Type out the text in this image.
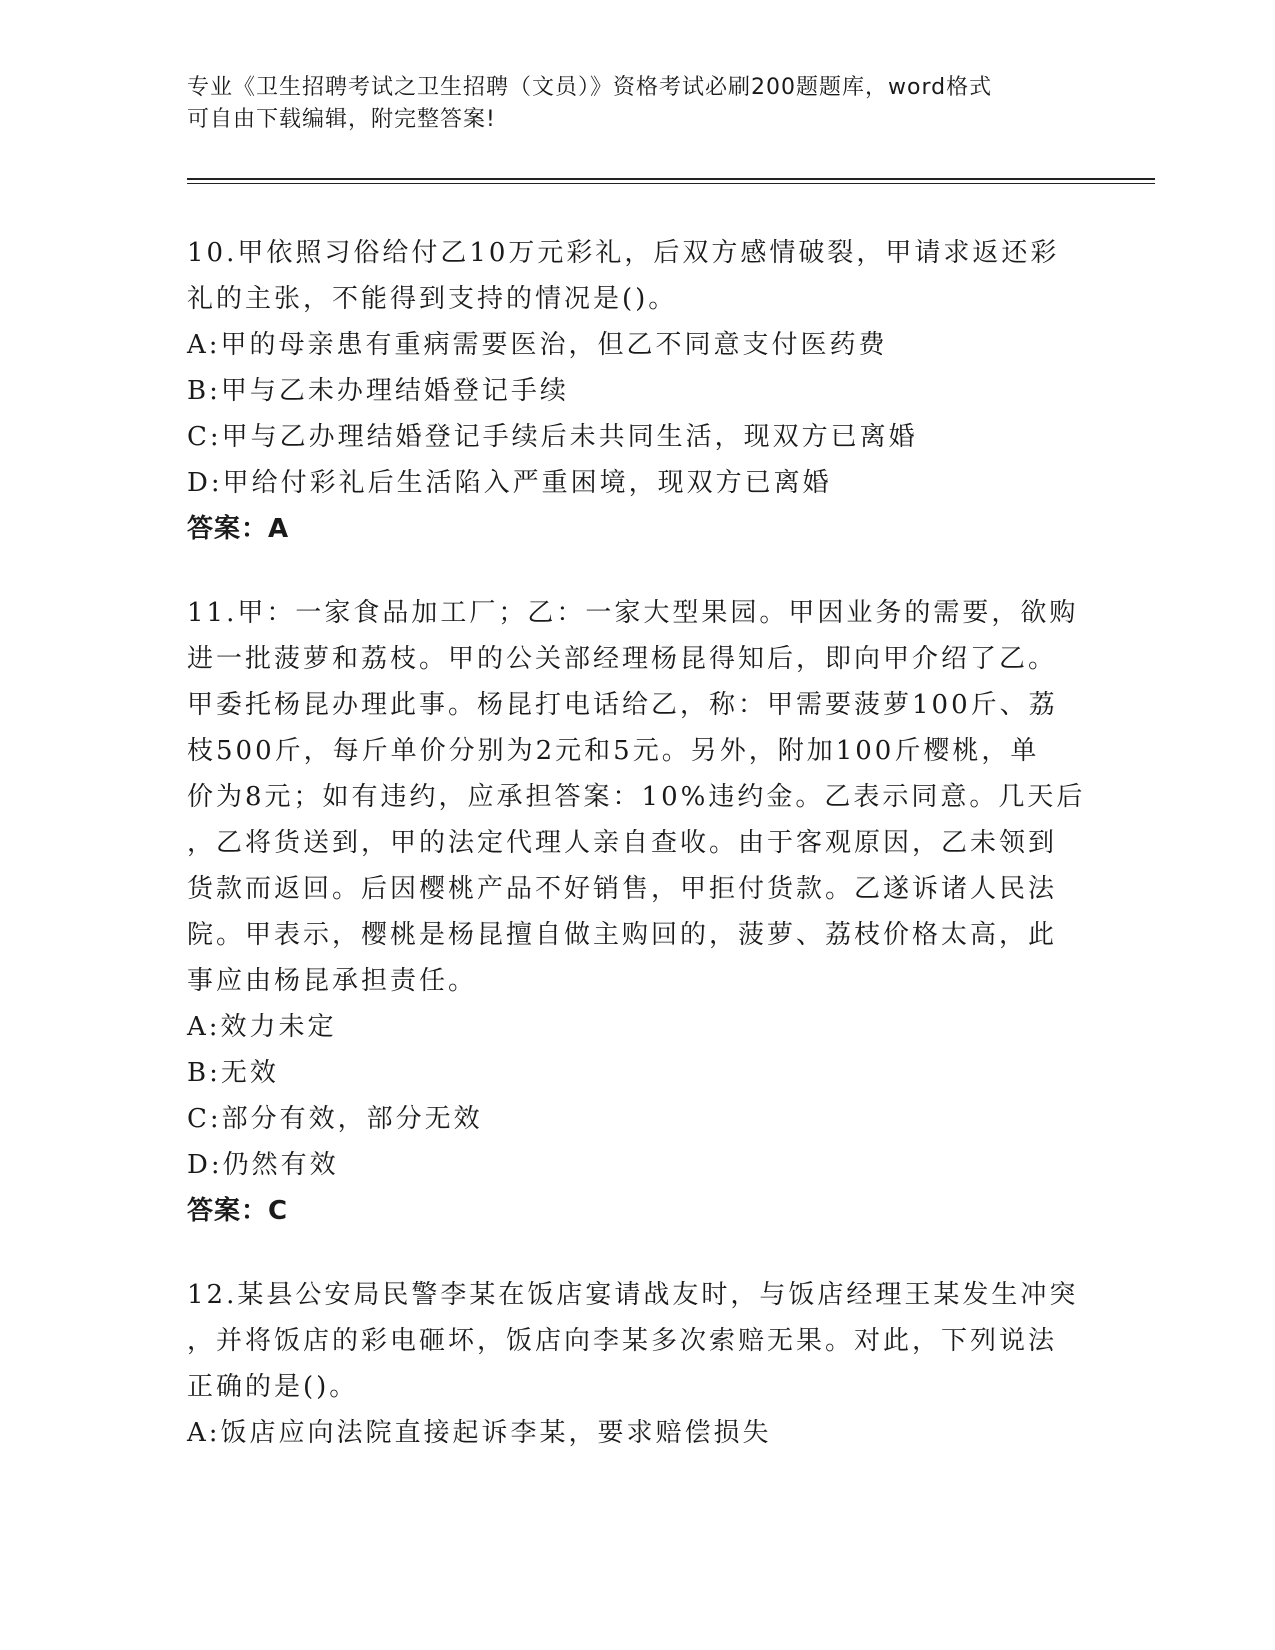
专业《卫生招聘考试之卫生招聘（文员）》资格考试必刷200题题库，word格式
可自由下载编辑，附完整答案!
10.甲依照习俗给付乙10万元彩礼，后双方感情破裂，甲请求返还彩
礼的主张，不能得到支持的情况是()。
A:甲的母亲患有重病需要医治，但乙不同意支付医药费
B:甲与乙未办理结婚登记手续
C:甲与乙办理结婚登记手续后未共同生活，现双方已离婚
D:甲给付彩礼后生活陷入严重困境，现双方已离婚
答案：A
11.甲：一家食品加工厂；乙：一家大型果园。甲因业务的需要，欲购
进一批菠萝和荔枝。甲的公关部经理杨昆得知后，即向甲介绍了乙。
甲委托杨昆办理此事。杨昆打电话给乙，称：甲需要菠萝100斤、荔
枝500斤，每斤单价分别为2元和5元。另外，附加100斤樱桃，单
价为8元；如有违约，应承担答案：10%违约金。乙表示同意。几天后
，乙将货送到，甲的法定代理人亲自查收。由于客观原因，乙未领到
货款而返回。后因樱桃产品不好销售，甲拒付货款。乙遂诉诸人民法
院。甲表示，樱桃是杨昆擅自做主购回的，菠萝、荔枝价格太高，此
事应由杨昆承担责任。
A:效力未定
B:无效
C:部分有效，部分无效
D:仍然有效
答案：C
12.某县公安局民警李某在饭店宴请战友时，与饭店经理王某发生冲突
，并将饭店的彩电砸坏，饭店向李某多次索赔无果。对此，下列说法
正确的是()。
A:饭店应向法院直接起诉李某，要求赔偿损失
